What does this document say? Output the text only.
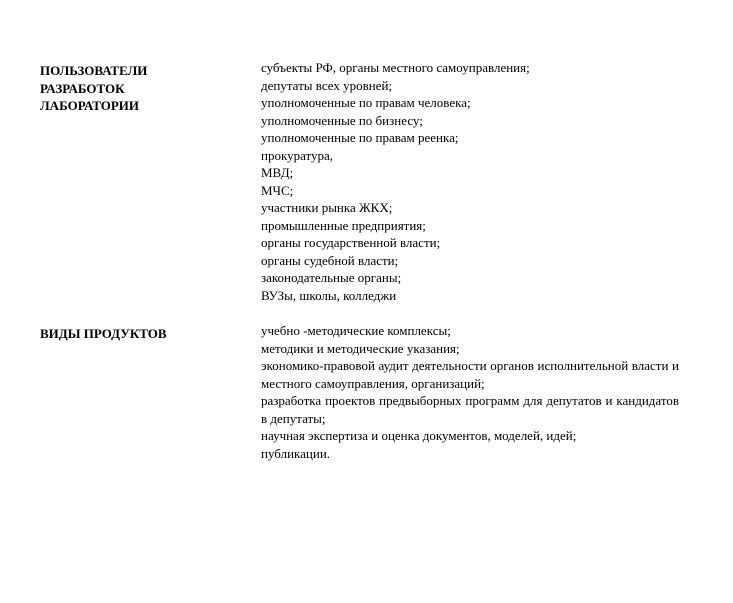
ПОЛЬЗОВАТЕЛИ
РАЗРАБОТОК
ЛАБОРАТОРИИ
субъекты РФ, органы местного самоуправления;
депутаты всех уровней;
уполномоченные по правам человека;
уполномоченные по бизнесу;
уполномоченные по правам реенка;
прокуратура,
МВД;
МЧС;
участники рынка ЖКХ;
промышленные предприятия;
органы государственной власти;
органы судебной власти;
законодательные органы;
ВУЗы, школы, колледжи
ВИДЫ ПРОДУКТОВ	учебно -методические комплексы;
методики и методические указания;
экономико-правовой аудит деятельности органов исполнительной власти и местного самоуправления, организаций;
разработка проектов предвыборных программ для депутатов и кандидатов в депутаты;
научная экспертиза и оценка документов, моделей, идей;
публикации.
